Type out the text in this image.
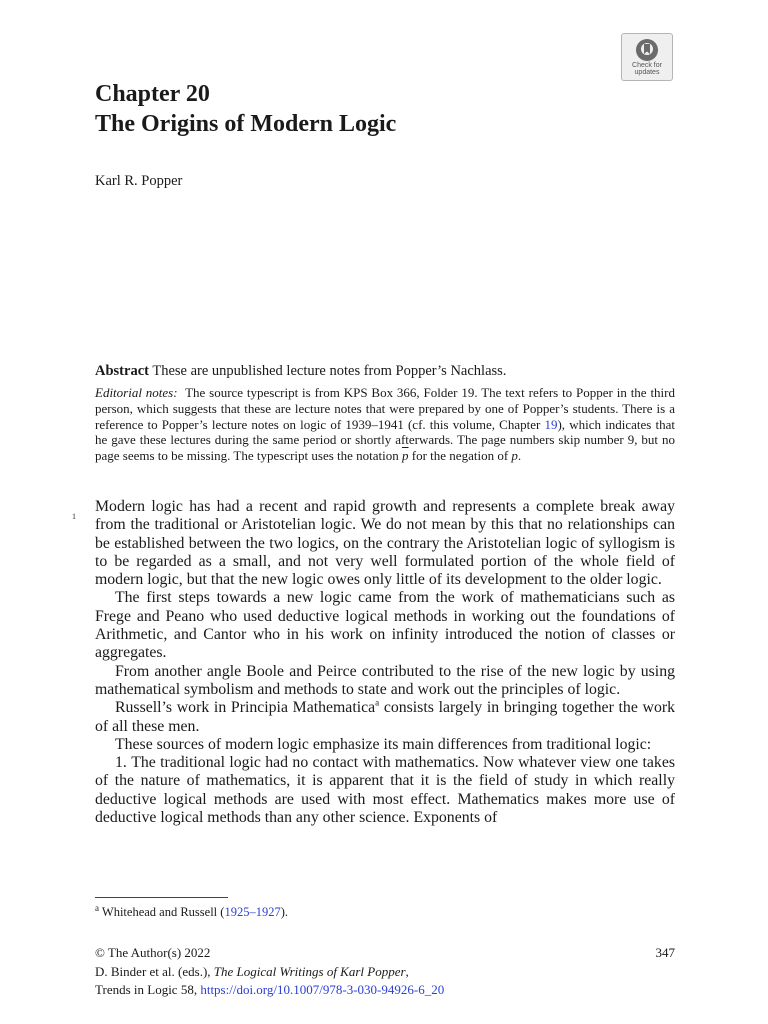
Check for
updates
Chapter 20
The Origins of Modern Logic
Karl R. Popper
Abstract These are unpublished lecture notes from Popper’s Nachlass.
Editorial notes: The source typescript is from KPS Box 366, Folder 19. The text refers to Popper in the third person, which suggests that these are lecture notes that were prepared by one of Popper’s students. There is a reference to Popper’s lecture notes on logic of 1939–1941 (cf. this volume, Chapter 19), which indicates that he gave these lectures during the same period or shortly afterwards. The page numbers skip number 9, but no page seems to be missing. The typescript uses the notation $\overline{p}$ for the negation of p.
1

Modern logic has had a recent and rapid growth and represents a complete break away from the traditional or Aristotelian logic. We do not mean by this that no relationships can be established between the two logics, on the contrary the Aristotelian logic of syllogism is to be regarded as a small, and not very well formulated portion of the whole field of modern logic, but that the new logic owes only little of its development to the older logic.

The first steps towards a new logic came from the work of mathematicians such as Frege and Peano who used deductive logical methods in working out the foundations of Arithmetic, and Cantor who in his work on infinity introduced the notion of classes or aggregates.

From another angle Boole and Peirce contributed to the rise of the new logic by using mathematical symbolism and methods to state and work out the principles of logic.

Russell’s work in Principia Mathematica$^a$ consists largely in bringing together the work of all these men.

These sources of modern logic emphasize its main differences from traditional logic:

1. The traditional logic had no contact with mathematics. Now whatever view one takes of the nature of mathematics, it is apparent that it is the field of study in which really deductive logical methods are used with most effect. Mathematics makes more use of deductive logical methods than any other science. Exponents of

$^a$ Whitehead and Russell (1925–1927).
© The Author(s) 2022
D. Binder et al. (eds.), The Logical Writings of Karl Popper,
Trends in Logic 58, https://doi.org/10.1007/978-3-030-94926-6_20
347
